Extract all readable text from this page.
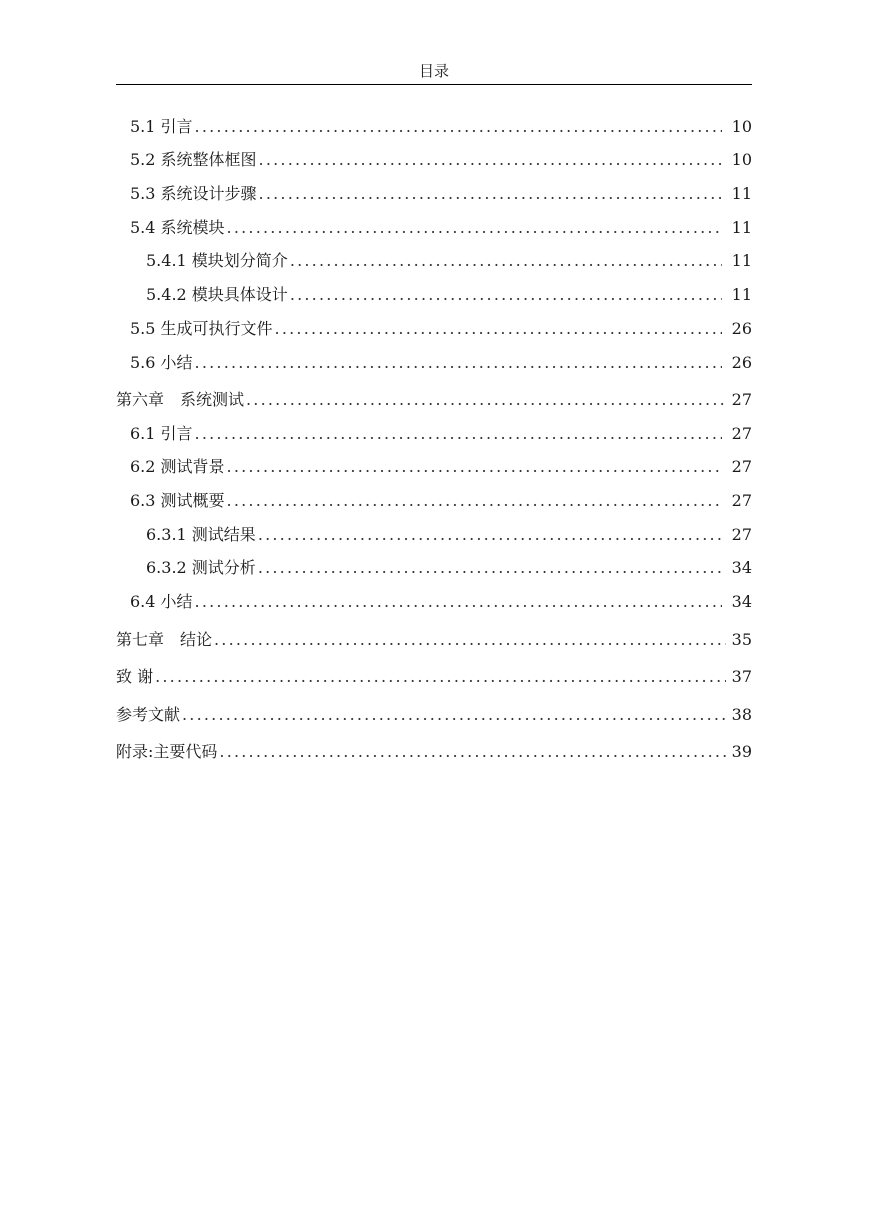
目录
5.1 引言 .....	10
5.2 系统整体框图 .....	10
5.3 系统设计步骤 .....	11
5.4 系统模块 .....	11
5.4.1 模块划分简介 .....	11
5.4.2 模块具体设计 .....	11
5.5 生成可执行文件 .....	26
5.6 小结 .....	26
第六章　系统测试 .....	27
6.1 引言 .....	27
6.2 测试背景 .....	27
6.3 测试概要 .....	27
6.3.1 测试结果 .....	27
6.3.2 测试分析 .....	34
6.4 小结 .....	34
第七章　结论 .....	35
致 谢 .....	37
参考文献 .....	38
附录:主要代码 .....	39
